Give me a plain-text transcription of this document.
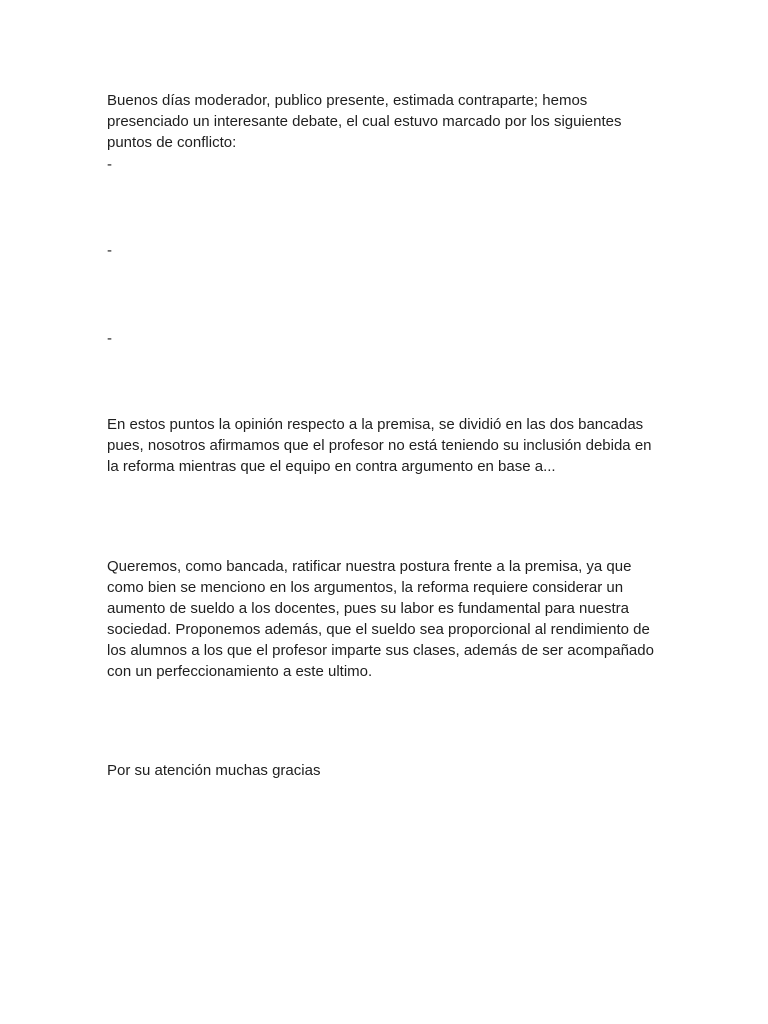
Buenos días moderador, publico presente, estimada contraparte; hemos
presenciado un interesante debate, el cual estuvo marcado por los siguientes
puntos de conflicto:

-

-

-

En estos puntos la opinión respecto a la premisa, se dividió en las dos bancadas
pues, nosotros afirmamos que el profesor no está teniendo su inclusión debida en
la reforma mientras que el equipo en contra argumento en base a...

Queremos, como bancada, ratificar nuestra postura frente a la premisa, ya que
como bien se menciono en los argumentos, la reforma requiere considerar un
aumento de sueldo a los docentes, pues su labor es fundamental para nuestra
sociedad. Proponemos además, que el sueldo sea proporcional al rendimiento de
los alumnos a los que el profesor imparte sus clases, además de ser acompañado
con un perfeccionamiento a este ultimo.

Por su atención muchas gracias
